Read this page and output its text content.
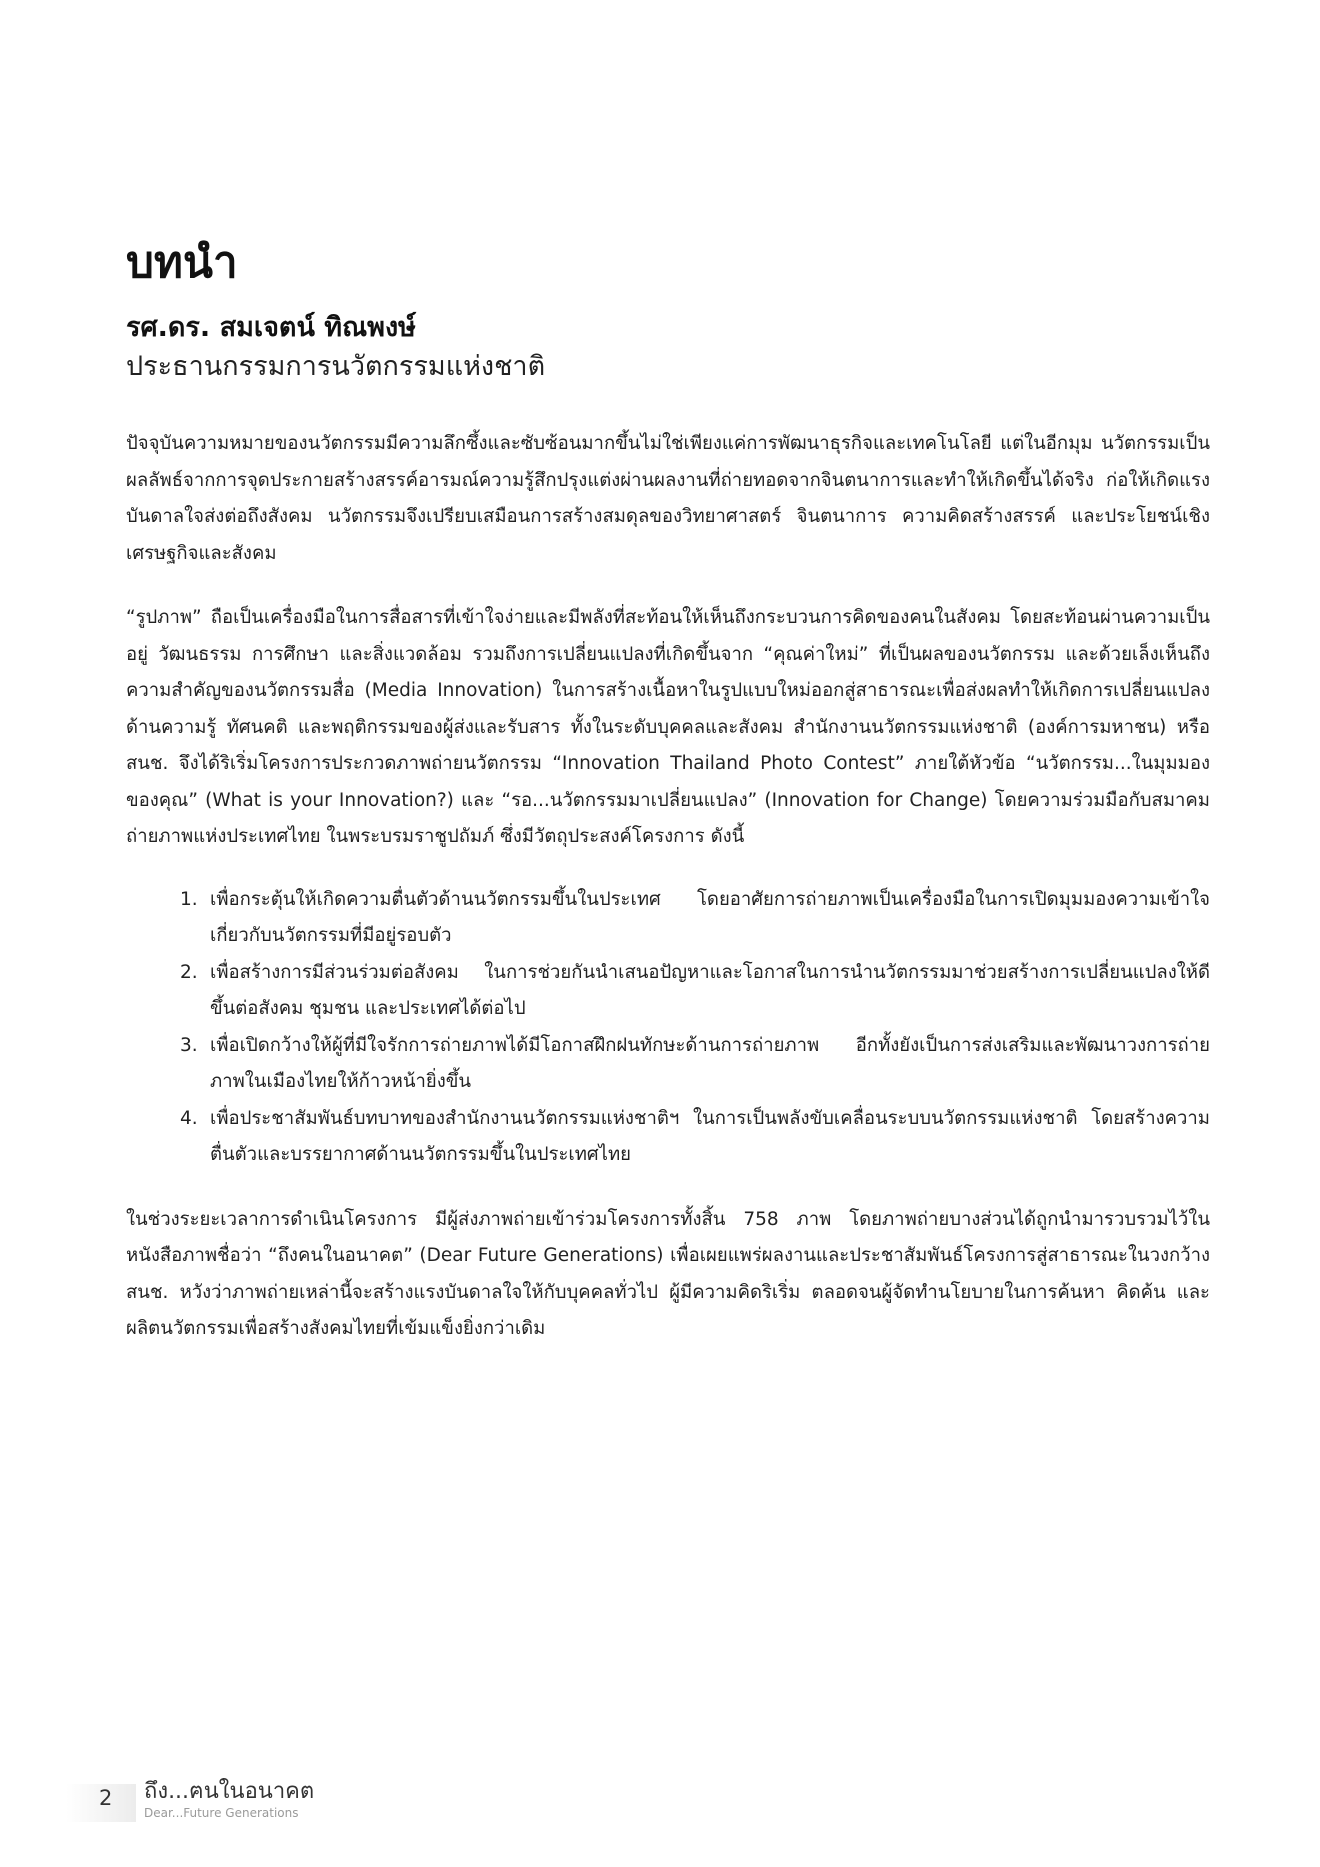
บทนำ
รศ.ดร. สมเจตน์ ทิณพงษ์
ประธานกรรมการนวัตกรรมแห่งชาติ

ปัจจุบันความหมายของนวัตกรรมมีความลึกซึ้งและซับซ้อนมากขึ้นไม่ใช่เพียงแค่การพัฒนาธุรกิจและเทคโนโลยี แต่ในอีกมุม นวัตกรรมเป็นผลลัพธ์จากการจุดประกายสร้างสรรค์อารมณ์ความรู้สึกปรุงแต่งผ่านผลงานที่ถ่ายทอดจากจินตนาการและทำให้เกิดขึ้นได้จริง ก่อให้เกิดแรงบันดาลใจส่งต่อถึงสังคม นวัตกรรมจึงเปรียบเสมือนการสร้างสมดุลของวิทยาศาสตร์ จินตนาการ ความคิดสร้างสรรค์ และประโยชน์เชิงเศรษฐกิจและสังคม

“รูปภาพ” ถือเป็นเครื่องมือในการสื่อสารที่เข้าใจง่ายและมีพลังที่สะท้อนให้เห็นถึงกระบวนการคิดของคนในสังคม โดยสะท้อนผ่านความเป็นอยู่ วัฒนธรรม การศึกษา และสิ่งแวดล้อม รวมถึงการเปลี่ยนแปลงที่เกิดขึ้นจาก “คุณค่าใหม่” ที่เป็นผลของนวัตกรรม และด้วยเล็งเห็นถึงความสำคัญของนวัตกรรมสื่อ (Media Innovation) ในการสร้างเนื้อหาในรูปแบบใหม่ออกสู่สาธารณะเพื่อส่งผลทำให้เกิดการเปลี่ยนแปลงด้านความรู้ ทัศนคติ และพฤติกรรมของผู้ส่งและรับสาร ทั้งในระดับบุคคลและสังคม สำนักงานนวัตกรรมแห่งชาติ (องค์การมหาชน) หรือ สนช. จึงได้ริเริ่มโครงการประกวดภาพถ่ายนวัตกรรม “Innovation Thailand Photo Contest” ภายใต้หัวข้อ “นวัตกรรม...ในมุมมองของคุณ” (What is your Innovation?) และ “รอ...นวัตกรรมมาเปลี่ยนแปลง” (Innovation for Change) โดยความร่วมมือกับสมาคมถ่ายภาพแห่งประเทศไทย ในพระบรมราชูปถัมภ์ ซึ่งมีวัตถุประสงค์โครงการ ดังนี้

1. เพื่อกระตุ้นให้เกิดความตื่นตัวด้านนวัตกรรมขึ้นในประเทศ โดยอาศัยการถ่ายภาพเป็นเครื่องมือในการเปิดมุมมองความเข้าใจเกี่ยวกับนวัตกรรมที่มีอยู่รอบตัว
2. เพื่อสร้างการมีส่วนร่วมต่อสังคม ในการช่วยกันนำเสนอปัญหาและโอกาสในการนำนวัตกรรมมาช่วยสร้างการเปลี่ยนแปลงให้ดีขึ้นต่อสังคม ชุมชน และประเทศได้ต่อไป
3. เพื่อเปิดกว้างให้ผู้ที่มีใจรักการถ่ายภาพได้มีโอกาสฝึกฝนทักษะด้านการถ่ายภาพ อีกทั้งยังเป็นการส่งเสริมและพัฒนาวงการถ่ายภาพในเมืองไทยให้ก้าวหน้ายิ่งขึ้น
4. เพื่อประชาสัมพันธ์บทบาทของสำนักงานนวัตกรรมแห่งชาติฯ ในการเป็นพลังขับเคลื่อนระบบนวัตกรรมแห่งชาติ โดยสร้างความตื่นตัวและบรรยากาศด้านนวัตกรรมขึ้นในประเทศไทย

ในช่วงระยะเวลาการดำเนินโครงการ มีผู้ส่งภาพถ่ายเข้าร่วมโครงการทั้งสิ้น 758 ภาพ โดยภาพถ่ายบางส่วนได้ถูกนำมารวบรวมไว้ในหนังสือภาพชื่อว่า “ถึงคนในอนาคต” (Dear Future Generations) เพื่อเผยแพร่ผลงานและประชาสัมพันธ์โครงการสู่สาธารณะในวงกว้าง สนช. หวังว่าภาพถ่ายเหล่านี้จะสร้างแรงบันดาลใจให้กับบุคคลทั่วไป ผู้มีความคิดริเริ่ม ตลอดจนผู้จัดทำนโยบายในการค้นหา คิดค้น และผลิตนวัตกรรมเพื่อสร้างสังคมไทยที่เข้มแข็งยิ่งกว่าเดิม

2 ถึง...ฅนในอนาคต
Dear...Future Generations
